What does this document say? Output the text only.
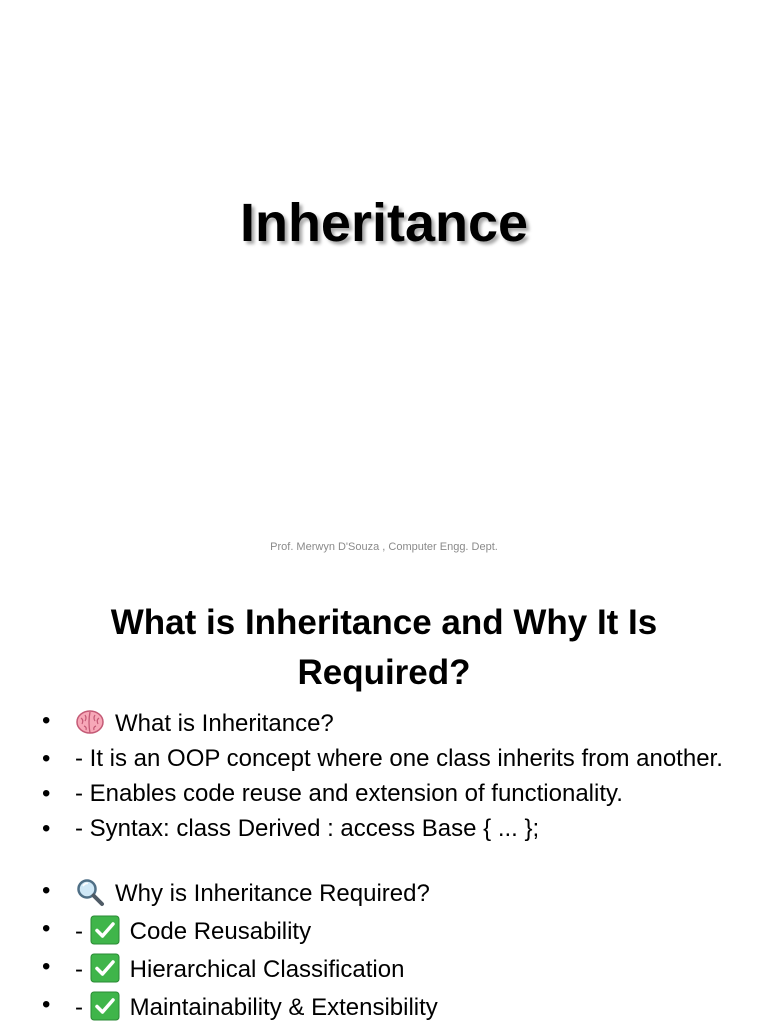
Inheritance
Prof. Merwyn D'Souza , Computer Engg. Dept.
What is Inheritance and Why It Is
Required?
•	What is Inheritance?
• - It is an OOP concept where one class inherits from another.
• - Enables code reuse and extension of functionality.
• - Syntax: class Derived : access Base { ... };
•	Why is Inheritance Required?
• - Code Reusability
• - Hierarchical Classification
• - Maintainability & Extensibility
